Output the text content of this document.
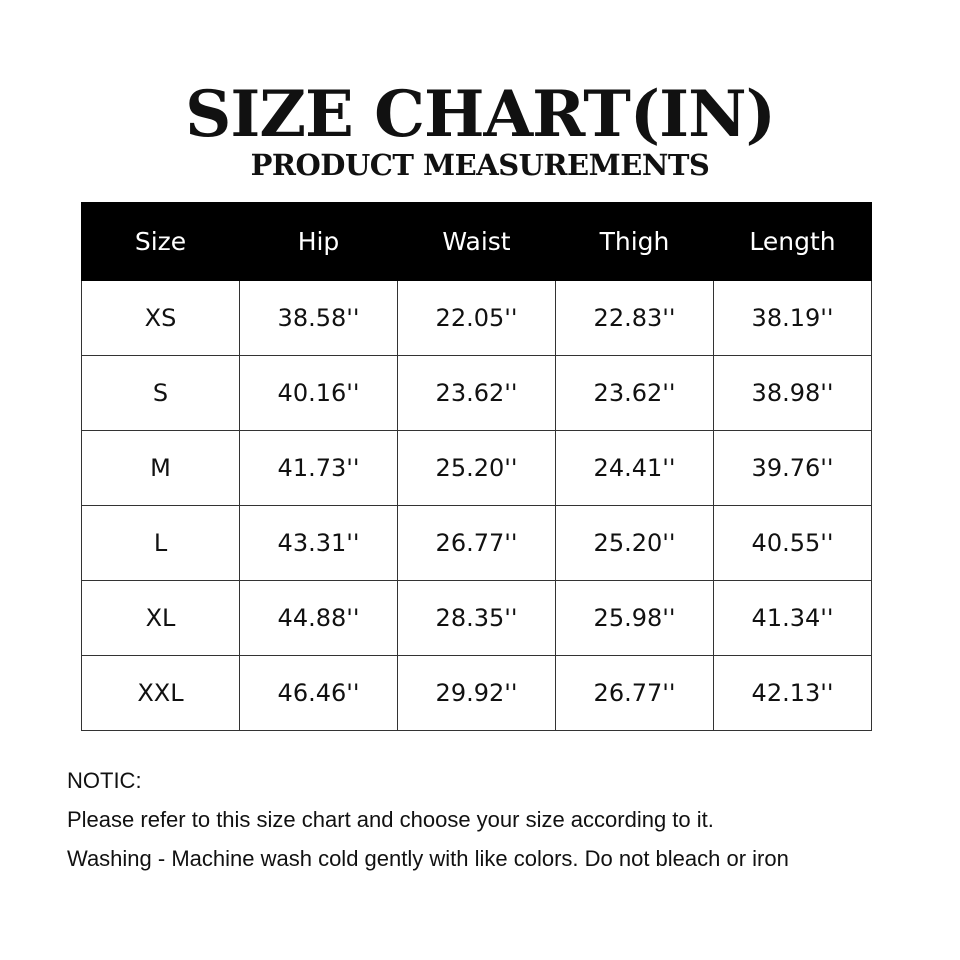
SIZE CHART(IN)
PRODUCT MEASUREMENTS
Size	Hip	Waist	Thigh	Length
XS	38.58''	22.05''	22.83''	38.19''
S	40.16''	23.62''	23.62''	38.98''
M	41.73''	25.20''	24.41''	39.76''
L	43.31''	26.77''	25.20''	40.55''
XL	44.88''	28.35''	25.98''	41.34''
XXL	46.46''	29.92''	26.77''	42.13''

NOTIC:

Please refer to this size chart and choose your size according to it.

Washing - Machine wash cold gently with like colors. Do not bleach or iron
